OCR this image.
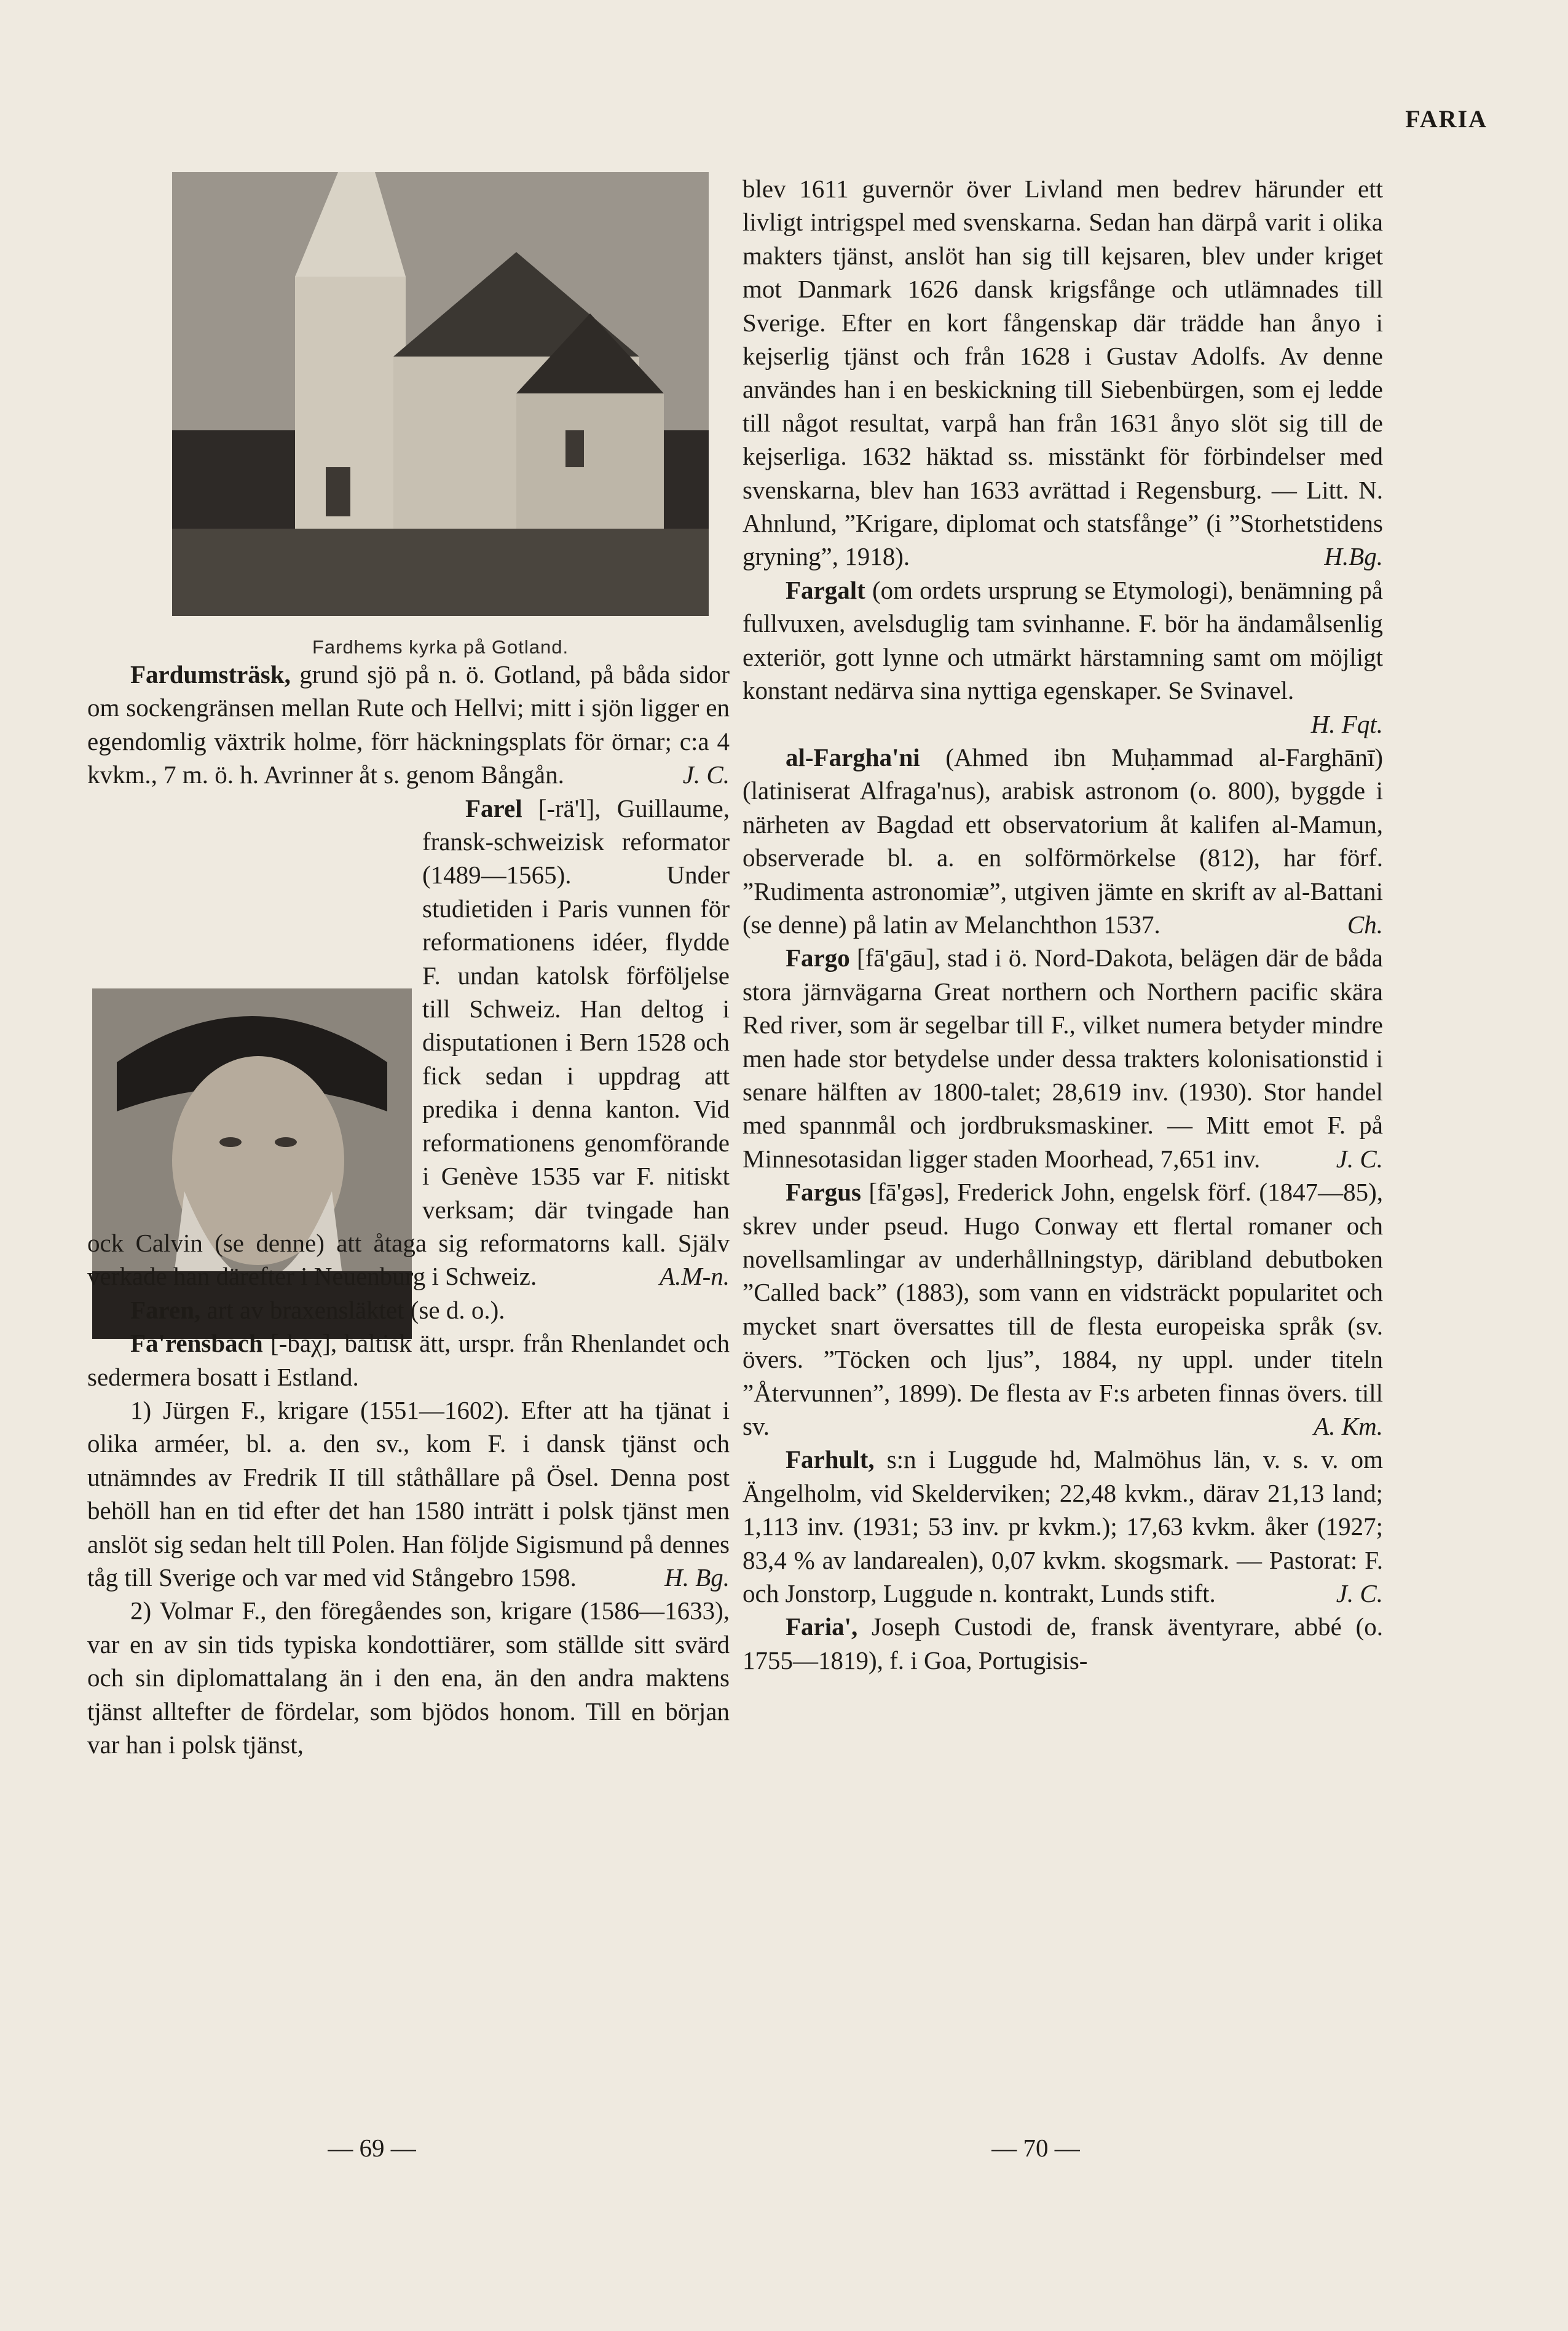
FARIA
Fardhems kyrka på Gotland.

Fardumsträsk, grund sjö på n. ö. Gotland, på båda sidor om sockengränsen mellan Rute och Hellvi; mitt i sjön ligger en egendomlig växtrik holme, förr häckningsplats för örnar; c:a 4 kvkm., 7 m. ö. h. Avrinner åt s. genom Bångån.	J. C.

Farel [-rä'l], Guillaume, fransk-schweizisk reformator (1489—1565). Under studietiden i Paris vunnen för reformationens idéer, flydde F. undan katolsk förföljelse till Schweiz. Han deltog i disputationen i Bern 1528 och fick sedan i uppdrag att predika i denna kanton. Vid reformationens genomförande i Genève 1535 var F. nitiskt verksam; där tvingade han ock Calvin (se denne) att åtaga sig reformatorns kall. Själv verkade han därefter i Neuenburg i Schweiz.	A.M-n.

Faren, art av braxensläktet (se d. o.).

Fa'rensbach [-baχ], baltisk ätt, urspr. från Rhenlandet och sedermera bosatt i Estland.

1) Jürgen F., krigare (1551—1602). Efter att ha tjänat i olika arméer, bl. a. den sv., kom F. i dansk tjänst och utnämndes av Fredrik II till ståthållare på Ösel. Denna post behöll han en tid efter det han 1580 inträtt i polsk tjänst men anslöt sig sedan helt till Polen. Han följde Sigismund på dennes tåg till Sverige och var med vid Stångebro 1598.	H. Bg.

2) Volmar F., den föregåendes son, krigare (1586—1633), var en av sin tids typiska kondottiärer, som ställde sitt svärd och sin diplomattalang än i den ena, än den andra maktens tjänst alltefter de fördelar, som bjödos honom. Till en början var han i polsk tjänst,

blev 1611 guvernör över Livland men bedrev härunder ett livligt intrigspel med svenskarna. Sedan han därpå varit i olika makters tjänst, anslöt han sig till kejsaren, blev under kriget mot Danmark 1626 dansk krigsfånge och utlämnades till Sverige. Efter en kort fångenskap där trädde han ånyo i kejserlig tjänst och från 1628 i Gustav Adolfs. Av denne användes han i en beskickning till Siebenbürgen, som ej ledde till något resultat, varpå han från 1631 ånyo slöt sig till de kejserliga. 1632 häktad ss. misstänkt för förbindelser med svenskarna, blev han 1633 avrättad i Regensburg. — Litt. N. Ahnlund, ”Krigare, diplomat och statsfånge” (i ”Storhetstidens gryning”, 1918).	H.Bg.

Fargalt (om ordets ursprung se Etymologi), benämning på fullvuxen, avelsduglig tam svinhanne. F. bör ha ändamålsenlig exteriör, gott lynne och utmärkt härstamning samt om möjligt konstant nedärva sina nyttiga egenskaper. Se Svinavel.
H. Fqt.

al-Fargha'ni (Ahmed ibn Muḥammad al-Farghānī) (latiniserat Alfraga'nus), arabisk astronom (o. 800), byggde i närheten av Bagdad ett observatorium åt kalifen al-Mamun, observerade bl. a. en solförmörkelse (812), har förf. ”Rudimenta astronomiæ”, utgiven jämte en skrift av al-Battani (se denne) på latin av Melanchthon 1537.	Ch.

Fargo [fā'gāu], stad i ö. Nord-Dakota, belägen där de båda stora järnvägarna Great northern och Northern pacific skära Red river, som är segelbar till F., vilket numera betyder mindre men hade stor betydelse under dessa trakters kolonisationstid i senare hälften av 1800-talet; 28,619 inv. (1930). Stor handel med spannmål och jordbruksmaskiner. — Mitt emot F. på Minnesotasidan ligger staden Moorhead, 7,651 inv.	J. C.

Fargus [fā'gəs], Frederick John, engelsk förf. (1847—85), skrev under pseud. Hugo Conway ett flertal romaner och novellsamlingar av underhållningstyp, däribland debutboken ”Called back” (1883), som vann en vidsträckt popularitet och mycket snart översattes till de flesta europeiska språk (sv. övers. ”Töcken och ljus”, 1884, ny uppl. under titeln ”Återvunnen”, 1899). De flesta av F:s arbeten finnas övers. till sv.	A. Km.

Farhult, s:n i Luggude hd, Malmöhus län, v. s. v. om Ängelholm, vid Skelderviken; 22,48 kvkm., därav 21,13 land; 1,113 inv. (1931; 53 inv. pr kvkm.); 17,63 kvkm. åker (1927; 83,4 % av landarealen), 0,07 kvkm. skogsmark. — Pastorat: F. och Jonstorp, Luggude n. kontrakt, Lunds stift.	J. C.

Faria', Joseph Custodi de, fransk äventyrare, abbé (o. 1755—1819), f. i Goa, Portugisis-

— 69 —	— 70 —
